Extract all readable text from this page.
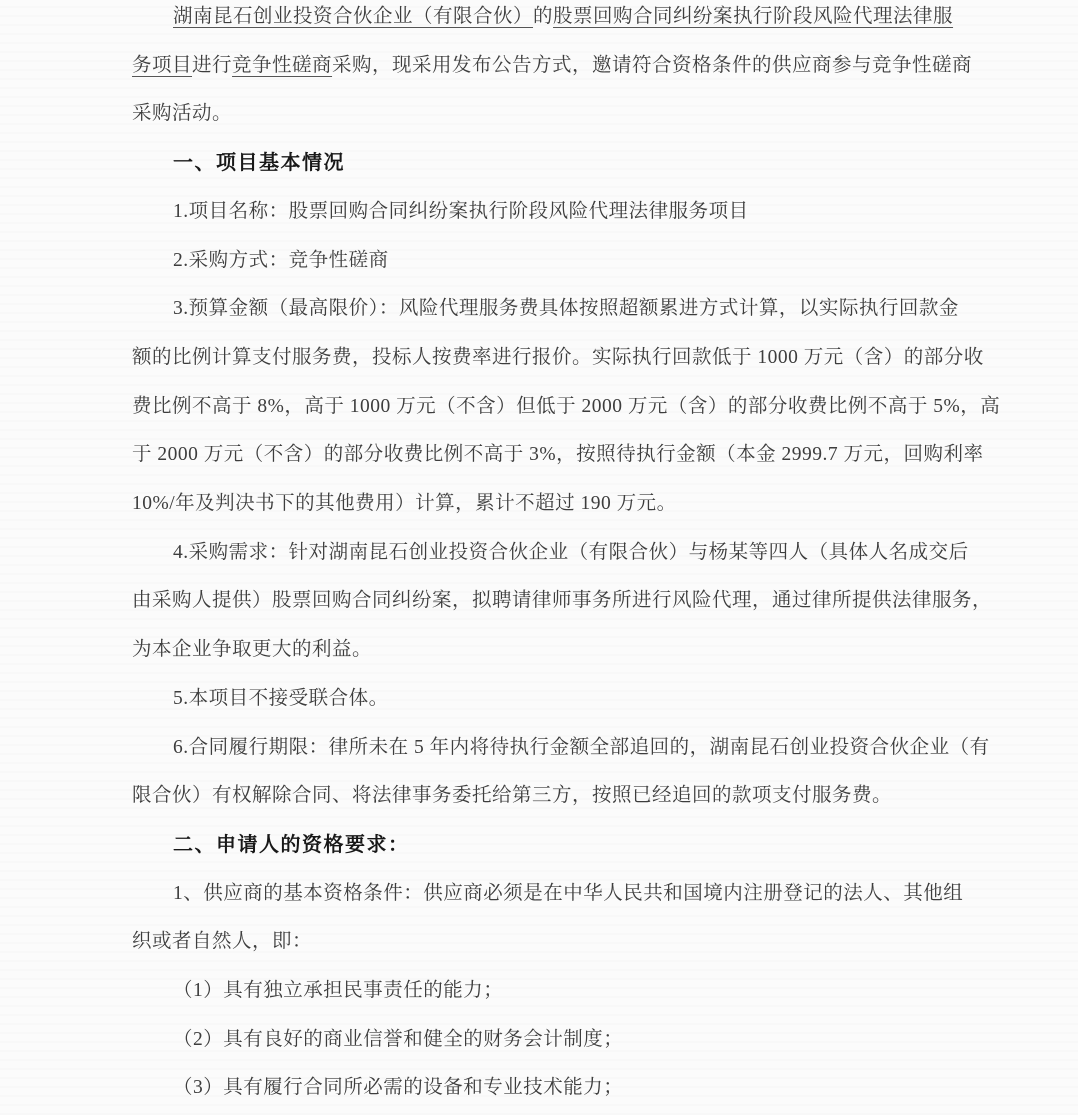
湖南昆石创业投资合伙企业（有限合伙）的股票回购合同纠纷案执行阶段风险代理法律服
务项目进行竞争性磋商采购，现采用发布公告方式，邀请符合资格条件的供应商参与竞争性磋商
采购活动。
一、项目基本情况
1.项目名称：股票回购合同纠纷案执行阶段风险代理法律服务项目
2.采购方式：竞争性磋商
3.预算金额（最高限价）：风险代理服务费具体按照超额累进方式计算，以实际执行回款金
额的比例计算支付服务费，投标人按费率进行报价。实际执行回款低于 1000 万元（含）的部分收
费比例不高于 8%，高于 1000 万元（不含）但低于 2000 万元（含）的部分收费比例不高于 5%，高
于 2000 万元（不含）的部分收费比例不高于 3%，按照待执行金额（本金 2999.7 万元，回购利率
10%/年及判决书下的其他费用）计算，累计不超过 190 万元。
4.采购需求：针对湖南昆石创业投资合伙企业（有限合伙）与杨某等四人（具体人名成交后
由采购人提供）股票回购合同纠纷案，拟聘请律师事务所进行风险代理，通过律所提供法律服务，
为本企业争取更大的利益。
5.本项目不接受联合体。
6.合同履行期限：律所未在 5 年内将待执行金额全部追回的，湖南昆石创业投资合伙企业（有
限合伙）有权解除合同、将法律事务委托给第三方，按照已经追回的款项支付服务费。
二、申请人的资格要求：
1、供应商的基本资格条件：供应商必须是在中华人民共和国境内注册登记的法人、其他组
织或者自然人，即：
（1）具有独立承担民事责任的能力；
（2）具有良好的商业信誉和健全的财务会计制度；
（3）具有履行合同所必需的设备和专业技术能力；
